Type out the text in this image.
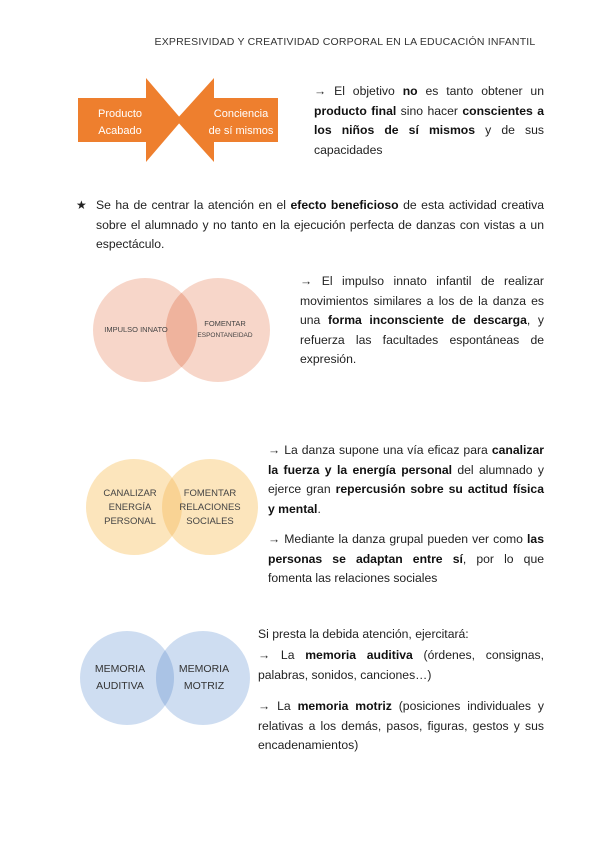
EXPRESIVIDAD Y CREATIVIDAD CORPORAL EN LA EDUCACIÓN INFANTIL
Producto
Acabado
Conciencia
de sí mismos
→ El objetivo no es tanto obtener un producto final sino hacer conscientes a los niños de sí mismos y de sus capacidades
★ Se ha de centrar la atención en el efecto beneficioso de esta actividad creativa sobre el alumnado y no tanto en la ejecución perfecta de danzas con vistas a un espectáculo.
IMPULSO INNATO
FOMENTAR
ESPONTANEIDAD
→ El impulso innato infantil de realizar movimientos similares a los de la danza es una forma inconsciente de descarga, y refuerza las facultades espontáneas de expresión.
CANALIZAR
ENERGÍA
PERSONAL
FOMENTAR
RELACIONES
SOCIALES
→ La danza supone una vía eficaz para canalizar la fuerza y la energía personal del alumnado y ejerce gran repercusión sobre su actitud física y mental.
→ Mediante la danza grupal pueden ver como las personas se adaptan entre sí, por lo que fomenta las relaciones sociales
MEMORIA
AUDITIVA
MEMORIA
MOTRIZ
Si presta la debida atención, ejercitará:
→ La memoria auditiva (órdenes, consignas, palabras, sonidos, canciones…)
→ La memoria motriz (posiciones individuales y relativas a los demás, pasos, figuras, gestos y sus encadenamientos)
